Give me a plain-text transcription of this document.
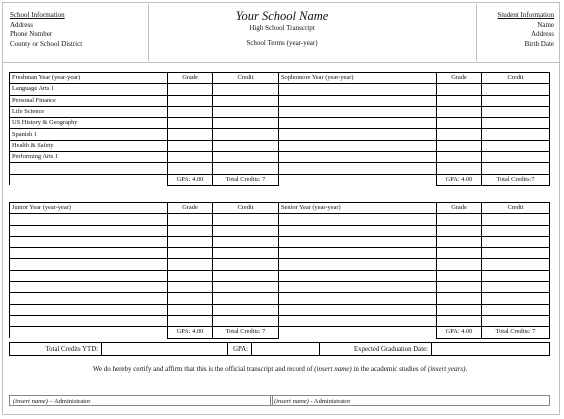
School Information
Address
Phone Number
County or School District
Your School Name
High School Transcript
School Terms (year-year)
Student Information
Name
Address
Birth Date
Freshman Year (year-year)	Grade	Credit	Sophomore Year (year-year)	Grade	Credit
Language Arts 1					
Personal Finance					
Life Science					
US History & Geography					
Spanish 1					
Health & Safety					
Performing Arts 1					

	GPA: 4.00	Total Credits: 7		GPA: 4.00	Total Credits:7
Junior Year (year-year)	Grade	Credit	Senior Year (year-year)	Grade	Credit

	GPA: 4.00	Total Credits: 7		GPA: 4.00	Total Credits: 7
Total Credits YTD:		GPA:		Expected Graduation Date:	
We do hereby certify and affirm that this is the official transcript and record of (insert name) in the academic studies of (insert years).
(insert name) – Administrator	(insert name) - Administrator
